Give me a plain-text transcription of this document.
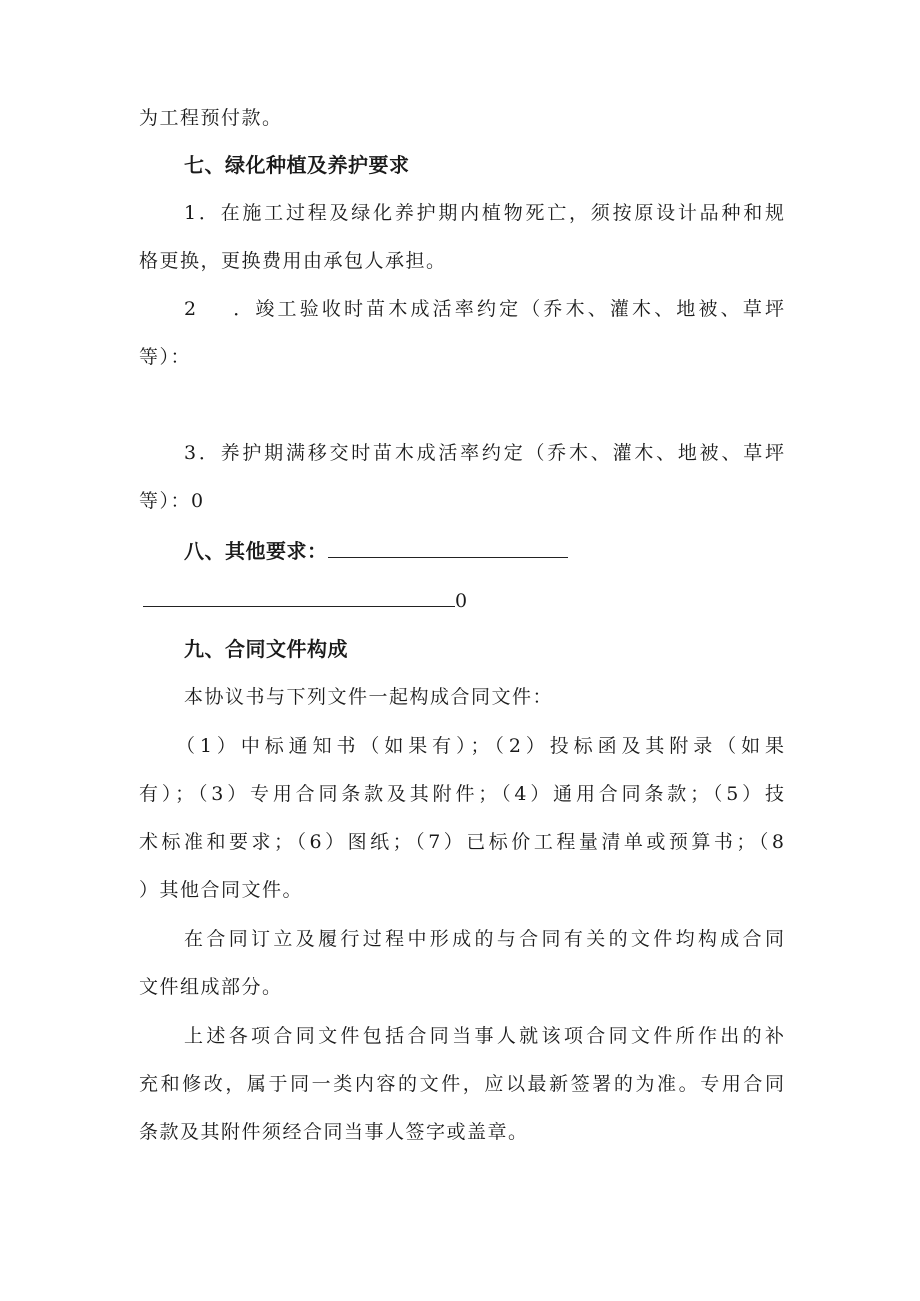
为工程预付款。
七、绿化种植及养护要求
1．在施工过程及绿化养护期内植物死亡，须按原设计品种和规
格更换，更换费用由承包人承担。
2 ．竣工验收时苗木成活率约定（乔木、灌木、地被、草坪
等）：
3．养护期满移交时苗木成活率约定（乔木、灌木、地被、草坪
等）：0
八、其他要求：
0
九、合同文件构成
本协议书与下列文件一起构成合同文件：
（1）中标通知书（如果有）；（2）投标函及其附录（如果
有）；（3）专用合同条款及其附件；（4）通用合同条款；（5）技
术标准和要求；（6）图纸；（7）已标价工程量清单或预算书；（8
）其他合同文件。
在合同订立及履行过程中形成的与合同有关的文件均构成合同
文件组成部分。
上述各项合同文件包括合同当事人就该项合同文件所作出的补
充和修改，属于同一类内容的文件，应以最新签署的为准。专用合同
条款及其附件须经合同当事人签字或盖章。
